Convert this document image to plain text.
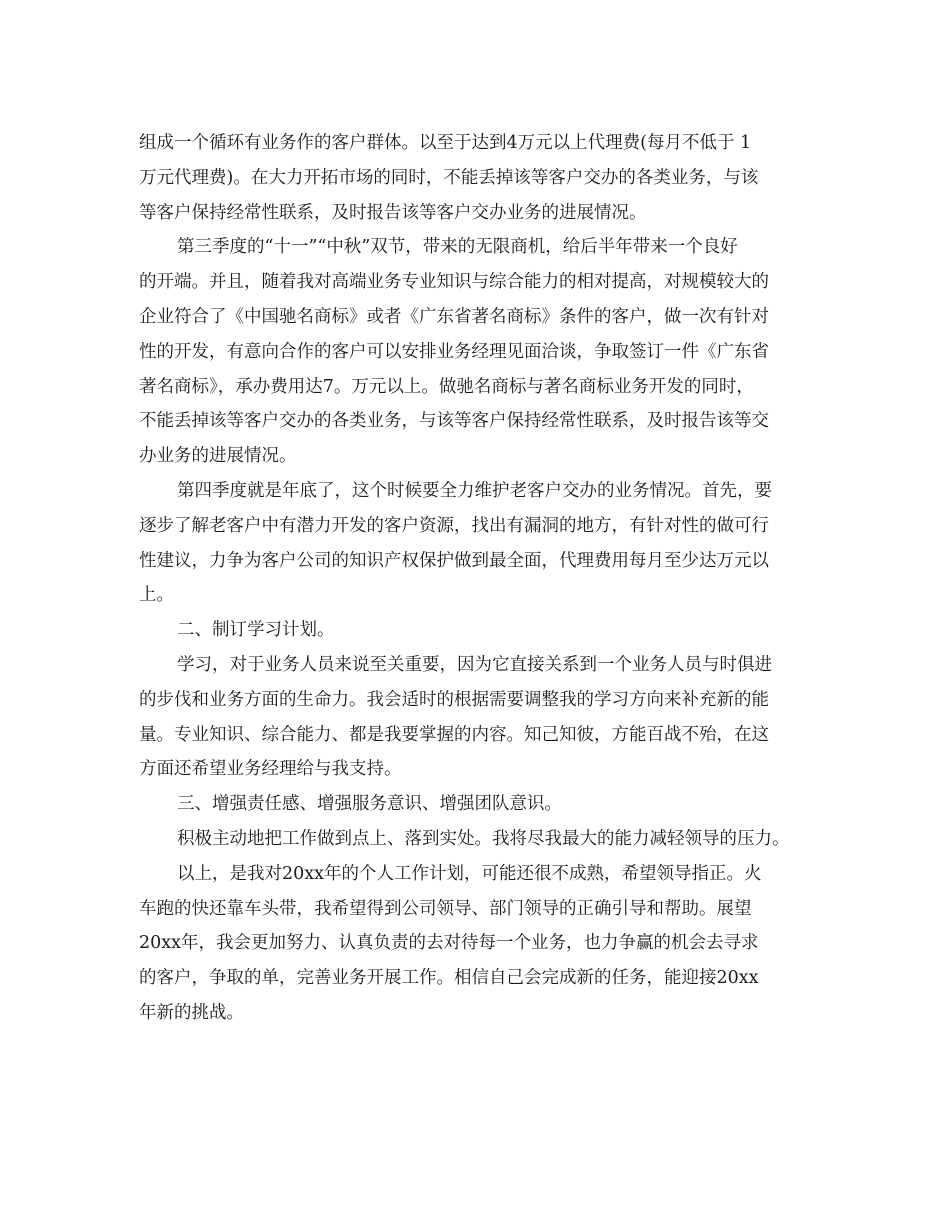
组成一个循环有业务作的客户群体。以至于达到4万元以上代理费(每月不低于 1
万元代理费)。在大力开拓市场的同时，不能丢掉该等客户交办的各类业务，与该
等客户保持经常性联系，及时报告该等客户交办业务的进展情况。
第三季度的“十一”“中秋”双节，带来的无限商机，给后半年带来一个良好
的开端。并且，随着我对高端业务专业知识与综合能力的相对提高，对规模较大的
企业符合了《中国驰名商标》或者《广东省著名商标》条件的客户，做一次有针对
性的开发，有意向合作的客户可以安排业务经理见面洽谈，争取签订一件《广东省
著名商标》，承办费用达7。万元以上。做驰名商标与著名商标业务开发的同时，
不能丢掉该等客户交办的各类业务，与该等客户保持经常性联系，及时报告该等交
办业务的进展情况。
第四季度就是年底了，这个时候要全力维护老客户交办的业务情况。首先，要
逐步了解老客户中有潜力开发的客户资源，找出有漏洞的地方，有针对性的做可行
性建议，力争为客户公司的知识产权保护做到最全面，代理费用每月至少达万元以
上。
二、制订学习计划。
学习，对于业务人员来说至关重要，因为它直接关系到一个业务人员与时俱进
的步伐和业务方面的生命力。我会适时的根据需要调整我的学习方向来补充新的能
量。专业知识、综合能力、都是我要掌握的内容。知己知彼，方能百战不殆，在这
方面还希望业务经理给与我支持。
三、增强责任感、增强服务意识、增强团队意识。
积极主动地把工作做到点上、落到实处。我将尽我最大的能力减轻领导的压力。
以上，是我对20xx年的个人工作计划，可能还很不成熟，希望领导指正。火
车跑的快还靠车头带，我希望得到公司领导、部门领导的正确引导和帮助。展望
20xx年，我会更加努力、认真负责的去对待每一个业务，也力争赢的机会去寻求
的客户，争取的单，完善业务开展工作。相信自己会完成新的任务，能迎接20xx
年新的挑战。
